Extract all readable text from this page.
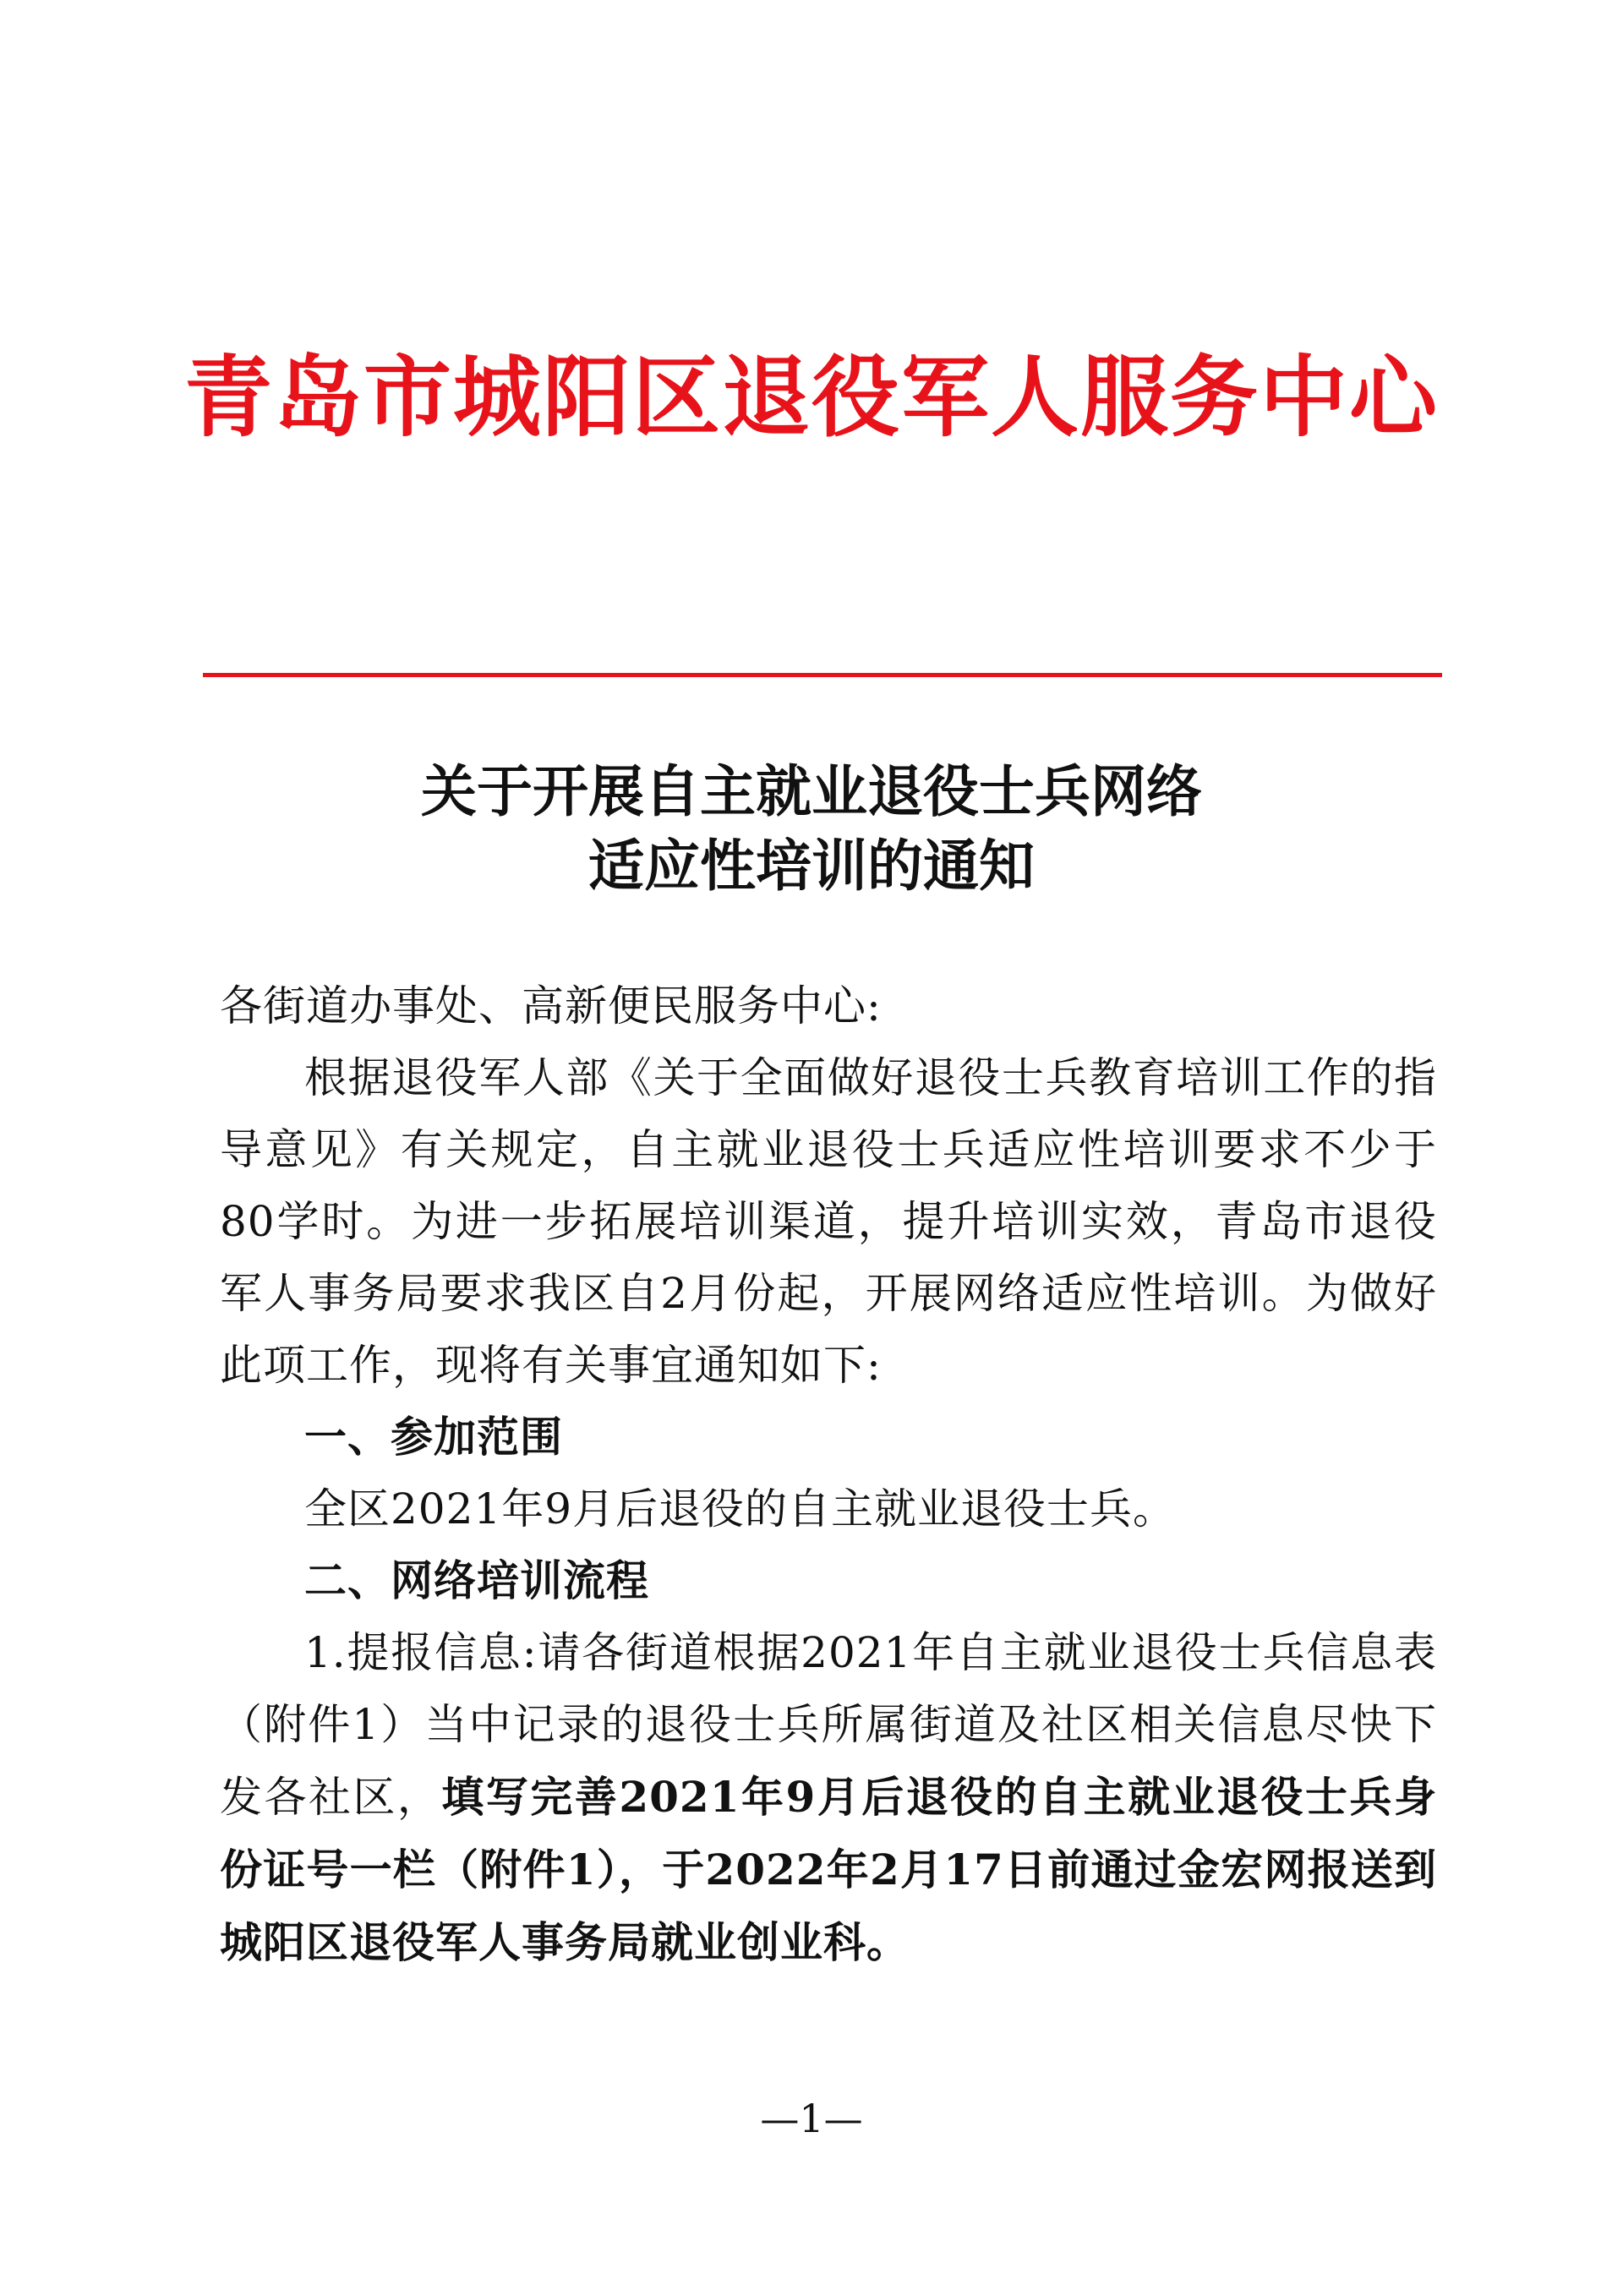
青岛市城阳区退役军人服务中心
关于开展自主就业退役士兵网络
适应性培训的通知

各街道办事处、高新便民服务中心:

根据退役军人部《关于全面做好退役士兵教育培训工作的指导意见》有关规定，自主就业退役士兵适应性培训要求不少于80学时。为进一步拓展培训渠道，提升培训实效，青岛市退役军人事务局要求我区自2月份起，开展网络适应性培训。为做好此项工作，现将有关事宜通知如下:

一、参加范围

全区2021年9月后退役的自主就业退役士兵。

二、网络培训流程

1.提报信息:请各街道根据2021年自主就业退役士兵信息表（附件1）当中记录的退役士兵所属街道及社区相关信息尽快下发各社区，填写完善2021年9月后退役的自主就业退役士兵身份证号一栏（附件1），于2022年2月17日前通过金宏网报送到城阳区退役军人事务局就业创业科。

—1—
